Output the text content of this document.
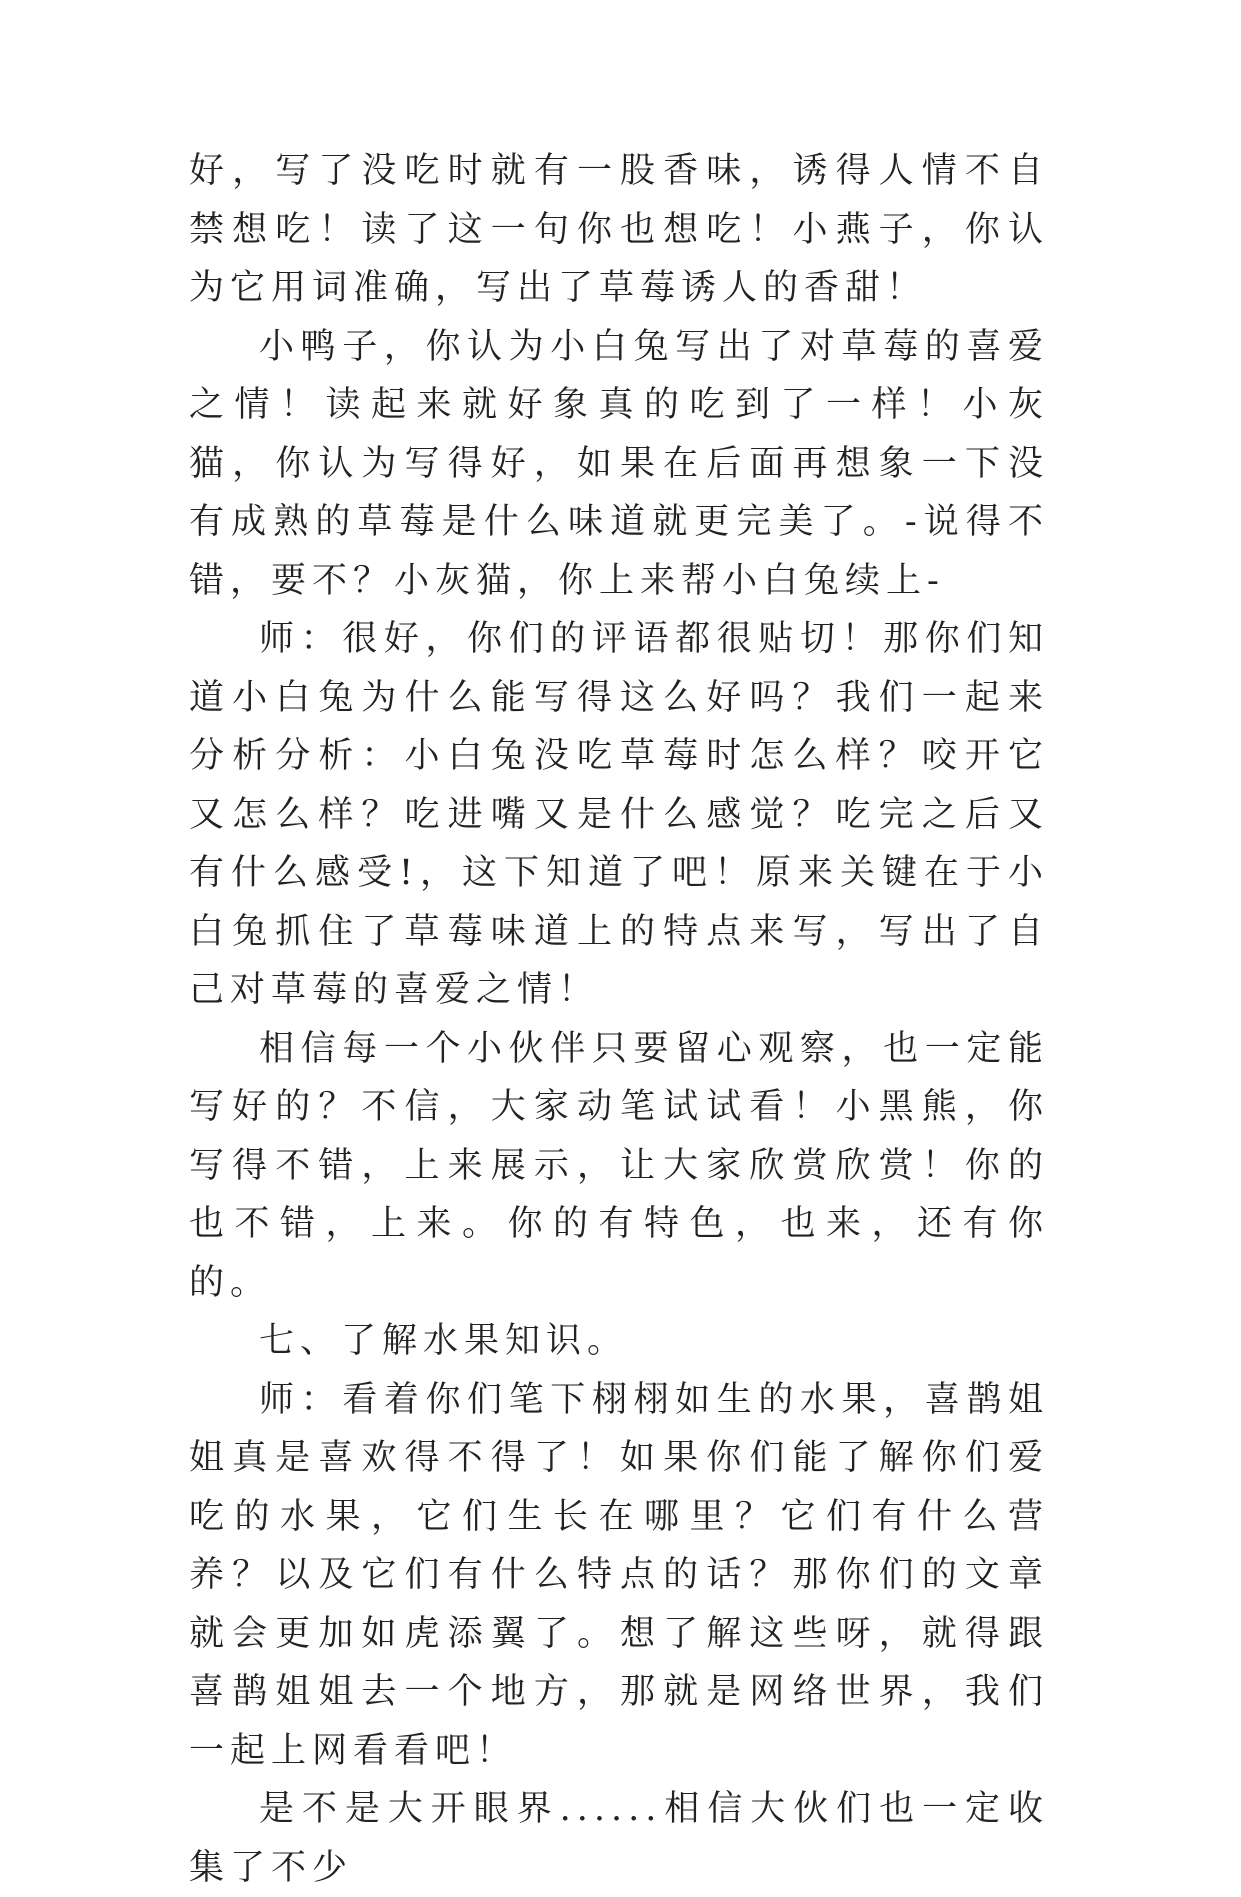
好，写了没吃时就有一股香味，诱得人情不自禁想吃！读了这一句你也想吃！小燕子，你认为它用词准确，写出了草莓诱人的香甜！

小鸭子，你认为小白兔写出了对草莓的喜爱之情！读起来就好象真的吃到了一样！小灰猫，你认为写得好，如果在后面再想象一下没有成熟的草莓是什么味道就更完美了。-说得不错，要不？小灰猫，你上来帮小白兔续上-

师：很好，你们的评语都很贴切！那你们知道小白兔为什么能写得这么好吗？我们一起来分析分析：小白兔没吃草莓时怎么样？咬开它又怎么样？吃进嘴又是什么感觉？吃完之后又有什么感受!，这下知道了吧！原来关键在于小白兔抓住了草莓味道上的特点来写，写出了自己对草莓的喜爱之情！

相信每一个小伙伴只要留心观察，也一定能写好的？不信，大家动笔试试看！小黑熊，你写得不错，上来展示，让大家欣赏欣赏！你的也不错，上来。你的有特色，也来，还有你的。

七、了解水果知识。

师：看着你们笔下栩栩如生的水果，喜鹊姐姐真是喜欢得不得了！如果你们能了解你们爱吃的水果，它们生长在哪里？它们有什么营养？以及它们有什么特点的话？那你们的文章就会更加如虎添翼了。想了解这些呀，就得跟喜鹊姐姐去一个地方，那就是网络世界，我们一起上网看看吧！

是不是大开眼界......相信大伙们也一定收集了不少
